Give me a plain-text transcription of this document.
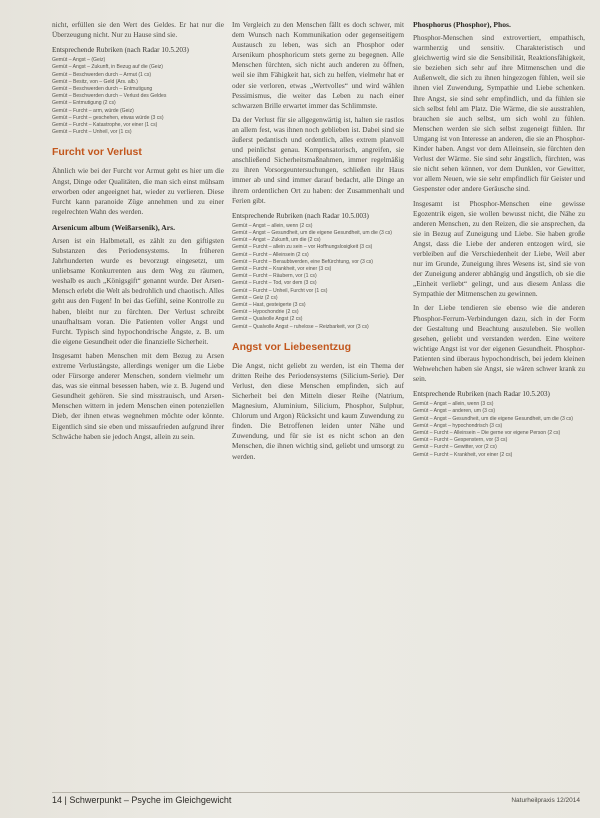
nicht, erfüllen sie den Wert des Geldes. Er hat nur die Überzeugung nicht. Nur zu Hause sind sie.

Entsprechende Rubriken (nach Radar 10.5.203)
Gemüt – Angst – (Geiz)
Gemüt – Angst – Zukunft, in Bezug auf die (Geiz)
Gemüt – Beschwerden durch – Armut (1 cs)
Gemüt – Besitz, von – Geld (Ars. alb.)
Gemüt – Beschwerden durch – Entmutigung
Gemüt – Beschwerden durch – Verlust des Geldes
Gemüt – Entmutigung (2 cs)
Gemüt – Furcht – arm, würde (Geiz)
Gemüt – Furcht – geschehen, etwas würde (3 cs)
Gemüt – Furcht – Katastrophe, vor einer (1 cs)
Gemüt – Furcht – Unheil, vor (1 cs)
Furcht vor Verlust

Ähnlich wie bei der Furcht vor Armut geht es hier um die Angst, Dinge oder Qualitäten, die man sich einst mühsam erworben oder angeeignet hat, wieder zu verlieren. Diese Furcht kann paranoide Züge annehmen und zu einer regelrechten Wahn des werden.

Arsenicum album (Weißarsenik), Ars.

Arsen ist ein Halbmetall, es zählt zu den giftigsten Substanzen des Periodensystems. In früheren Jahrhunderten wurde es bevorzugt eingesetzt, um unliebsame Konkurrenten aus dem Weg zu räumen, weshalb es auch „Königsgift“ genannt wurde. Der Arsen-Mensch erlebt die Welt als bedrohlich und chaotisch. Alles geht aus den Fugen! In bei das Gefühl, seine Kontrolle zu haben, bleibt nur zu fürchten. Der Verlust schreibt unaufhaltsam voran. Die Patienten voller Angst und Furcht. Typisch sind hypochondrische Ängste, z. B. um die eigene Gesundheit oder die finanzielle Sicherheit.

Insgesamt haben Menschen mit dem Bezug zu Arsen extreme Verlustängste, allerdings weniger um die Liebe oder Fürsorge anderer Menschen, sondern vielmehr um das, was sie einmal besessen haben, wie z. B. Jugend und Gesundheit gehören. Sie sind misstrauisch, und Arsen-Menschen wittern in jedem Menschen einen potenziellen Dieb, der ihnen etwas wegnehmen möchte oder könnte. Eigentlich sind sie eben und missaufrieden aufgrund ihrer Schwäche haben sie jedoch Angst, allein zu sein.

Im Vergleich zu den Menschen fällt es doch schwer, mit dem Wunsch nach Kommunikation oder gegenseitigem Austausch zu leben, was sich an Phosphor oder Arsenikum phosphoricum stets gerne zu begegnen. Alle Menschen fürchten, sich nicht auch anderen zu öffnen, weil sie ihm Fähigkeit hat, sich zu helfen, vielmehr hat er oder sie verloren, etwas „Wertvolles“ und wird wählen Pessimismus, die weiter das Leben zu nach einer schwarzen Brille erwartet immer das Schlimmste.

Da der Verlust für sie allgegenwärtig ist, halten sie rastlos an allem fest, was ihnen noch geblieben ist. Dabei sind sie äußerst pedantisch und ordentlich, alles extrem planvoll und peinlichst genau. Kompensatorisch, angreifen, sie anschließend Sicherheitsmaßnahmen, immer regelmäßig zu ihren Vorsorgeuntersuchungen, schließen ihr Haus immer ab und sind immer darauf bedacht, alle Dinge an ihrem ordentlichen Ort zu haben: der Zusammenhalt und Ferien gibt.

Entsprechende Rubriken (nach Radar 10.5.003)
Gemüt – Angst – allein, wenn (2 cs)
Gemüt – Angst – Gesundheit, um die eigene Gesundheit, um die (3 cs)
Gemüt – Angst – Zukunft, um die (2 cs)
Gemüt – Furcht – allein zu sein – vor Hoffnungslosigkeit (3 cs)
Gemüt – Furcht – Alleinsein (2 cs)
Gemüt – Furcht – Beraubtwerden, eine Befürchtung, vor (3 cs)
Gemüt – Furcht – Krankheit, vor einer (3 cs)
Gemüt – Furcht – Räubern, vor (1 cs)
Gemüt – Furcht – Tod, vor dem (3 cs)
Gemüt – Furcht – Unheil, Furcht vor (1 cs)
Gemüt – Geiz (2 cs)
Gemüt – Hast, gesteigerte (3 cs)
Gemüt – Hypochondrie (2 cs)
Gemüt – Qualvolle Angst (2 cs)
Gemüt – Qualvolle Angst – ruhelose – Reizbarkeit, vor (3 cs)
Angst vor Liebesentzug

Die Angst, nicht geliebt zu werden, ist ein Thema der dritten Reihe des Periodensystems (Silicium-Serie). Der Verlust, den diese Menschen empfinden, sich auf Sicherheit bei den Mitteln dieser Reihe (Natrium, Magnesium, Aluminium, Silicium, Phosphor, Sulphur, Chlorum und Argon) Rücksicht und kaum Zuwendung zu finden. Die Betroffenen leiden unter Nähe und Zuwendung, und für sie ist es nicht schon an den Menschen, die ihnen wichtig sind, geliebt und umsorgt zu werden.

Phosphorus (Phosphor), Phos.

Phosphor-Menschen sind extrovertiert, empathisch, warmherzig und sensitiv. Charakteristisch und gleichwertig wird sie die Sensibilität, Reaktionsfähigkeit, sie beziehen sich sehr auf ihre Mitmenschen und die Außenwelt, die sich zu ihnen hingezogen fühlen, weil sie ihnen viel Zuwendung, Sympathie und Liebe schenken. Ihre Angst, sie sind sehr empfindlich, und da fühlen sie sich selbst fehl am Platz. Die Wärme, die sie ausstrahlen, brauchen sie auch selbst, um sich wohl zu fühlen. Menschen werden sie sich selbst zugeneigt fühlen. Ihr Umgang ist von Interesse an anderen, die sie an Phosphor-Kinder haben. Angst vor dem Alleinsein, sie fürchten den Verlust der Wärme. Sie sind sehr ängstlich, fürchten, was sie nicht sehen können, vor dem Dunklen, vor Gewitter, vor allem Neuen, wie sie sehr empfindlich für Geister und Gespenster oder andere Geräusche sind.

Insgesamt ist Phosphor-Menschen eine gewisse Egozentrik eigen, sie wollen bewusst nicht, die Nähe zu anderen Menschen, zu den Reizen, die sie ansprechen, da sie in Bezug auf Zuneigung und Liebe. Sie haben große Angst, dass die Liebe der anderen entzogen wird, sie verbleiben auf die Verschiedenheit der Liebe, Weil aber nur im Grunde, Zuneigung ihres Wesens ist, sind sie von der Zuneigung anderer abhängig und ängstlich, ob sie die „Einheit verliebt“ gelingt, und aus diesem Anlass die Sympathie der Mitmenschen zu gewinnen.

In der Liebe tendieren sie ebenso wie die anderen Phosphor-Ferrum-Verbindungen dazu, sich in der Form der Gestaltung und Beachtung auszuleben. Sie wollen gesehen, geliebt und verstanden werden. Eine weitere wichtige Angst ist vor der eigenen Gesundheit. Phosphor-Patienten sind überaus hypochondrisch, bei jedem kleinen Wehwehchen haben sie Angst, sie wären schwer krank zu sein.

Entsprechende Rubriken (nach Radar 10.5.203)
Gemüt – Angst – allein, wenn (3 cs)
Gemüt – Angst – anderen, um (3 cs)
Gemüt – Angst – Gesundheit, um die eigene Gesundheit, um die (3 cs)
Gemüt – Angst – hypochondrisch (3 cs)
Gemüt – Furcht – Alleinsein – Die gerne vor eigene Person (2 cs)
Gemüt – Furcht – Gespenstern, vor (3 cs)
Gemüt – Furcht – Gewitter, vor (2 cs)
Gemüt – Furcht – Krankheit, vor einer (2 cs)
14 | Schwerpunkt – Psyche im Gleichgewicht	Naturheilpraxis 12/2014
